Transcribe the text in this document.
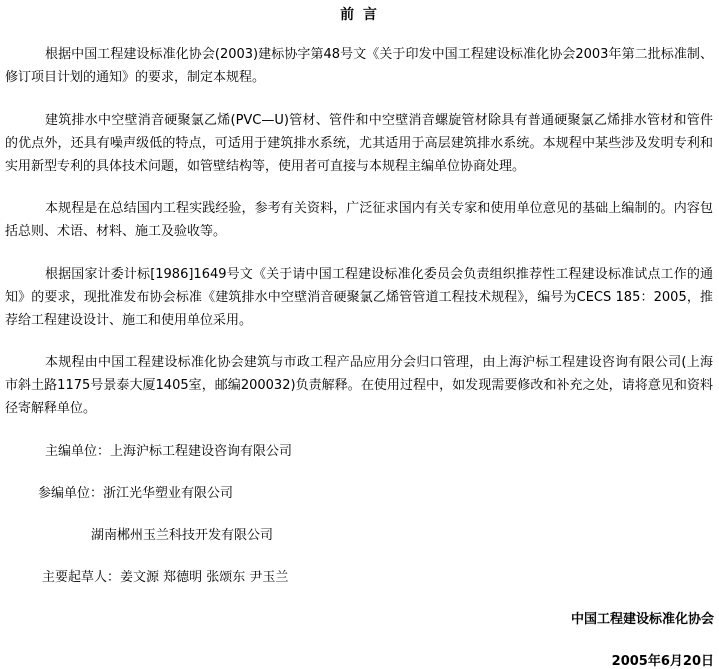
前 言
根据中国工程建设标准化协会(2003)建标协字第48号文《关于印发中国工程建设标准化协会2003年第二批标准制、修订项目计划的通知》的要求，制定本规程。
建筑排水中空壁消音硬聚氯乙烯(PVC—U)管材、管件和中空壁消音螺旋管材除具有普通硬聚氯乙烯排水管材和管件的优点外，还具有噪声级低的特点，可适用于建筑排水系统，尤其适用于高层建筑排水系统。本规程中某些涉及发明专利和实用新型专利的具体技术问题，如管壁结构等，使用者可直接与本规程主编单位协商处理。
本规程是在总结国内工程实践经验，参考有关资料，广泛征求国内有关专家和使用单位意见的基础上编制的。内容包括总则、术语、材料、施工及验收等。
根据国家计委计标[1986]1649号文《关于请中国工程建设标准化委员会负责组织推荐性工程建设标准试点工作的通知》的要求，现批准发布协会标准《建筑排水中空壁消音硬聚氯乙烯管管道工程技术规程》，编号为CECS 185：2005，推荐给工程建设设计、施工和使用单位采用。
本规程由中国工程建设标准化协会建筑与市政工程产品应用分会归口管理，由上海沪标工程建设咨询有限公司(上海市斜土路1175号景泰大厦1405室，邮编200032)负责解释。在使用过程中，如发现需要修改和补充之处，请将意见和资料径寄解释单位。
主编单位：上海沪标工程建设咨询有限公司
参编单位：浙江光华塑业有限公司
湖南郴州玉兰科技开发有限公司
主要起草人：姜文源 郑德明 张颂东 尹玉兰
中国工程建设标准化协会
2005年6月20日
